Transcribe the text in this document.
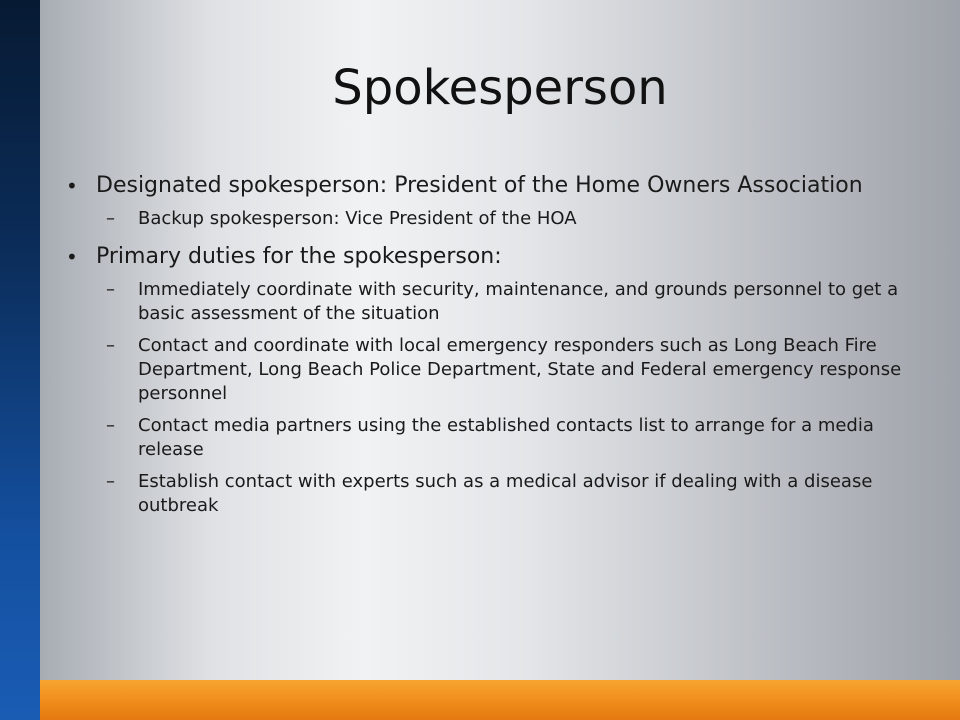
Spokesperson
• Designated spokesperson: President of the Home Owners Association
– Backup spokesperson: Vice President of the HOA
• Primary duties for the spokesperson:
– Immediately coordinate with security, maintenance, and grounds personnel to get a basic assessment of the situation
– Contact and coordinate with local emergency responders such as Long Beach Fire Department, Long Beach Police Department, State and Federal emergency response personnel
– Contact media partners using the established contacts list to arrange for a media release
– Establish contact with experts such as a medical advisor if dealing with a disease outbreak
